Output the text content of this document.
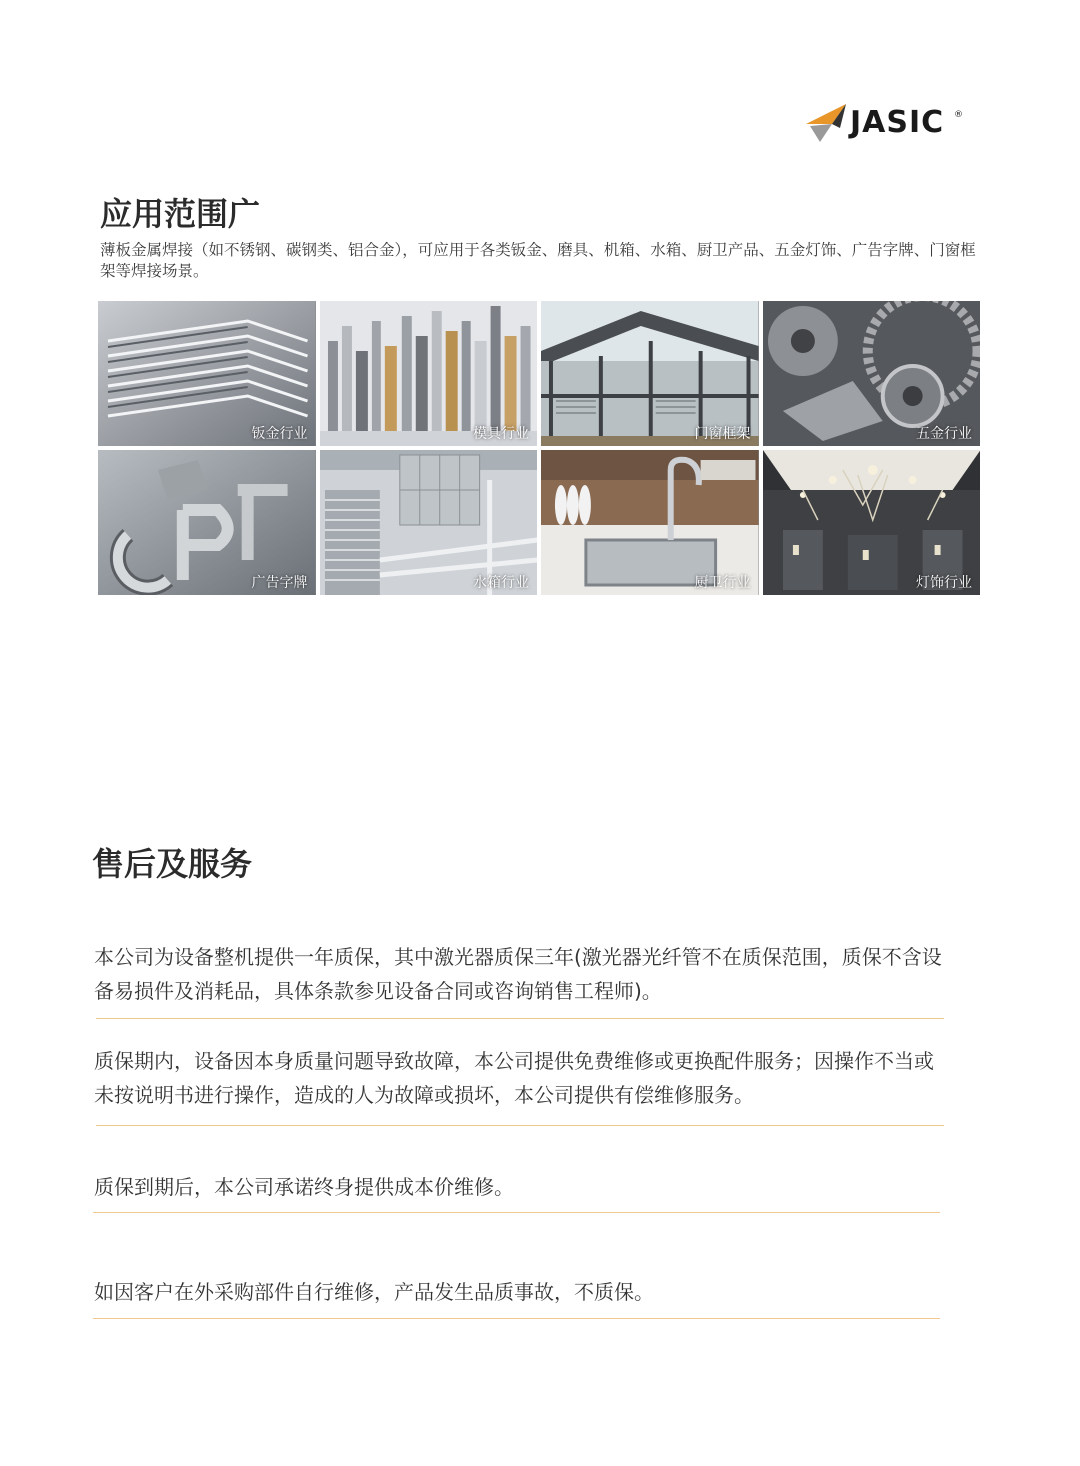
JASIC ®
应用范围广

薄板金属焊接（如不锈钢、碳钢类、铝合金），可应用于各类钣金、磨具、机箱、水箱、厨卫产品、五金灯饰、广告字牌、门窗框架等焊接场景。

钣金行业	模具行业	门窗框架	五金行业
广告字牌	水箱行业	厨卫行业	灯饰行业
售后及服务

本公司为设备整机提供一年质保，其中激光器质保三年(激光器光纤管不在质保范围，质保不含设备易损件及消耗品，具体条款参见设备合同或咨询销售工程师)。

质保期内，设备因本身质量问题导致故障，本公司提供免费维修或更换配件服务；因操作不当或未按说明书进行操作，造成的人为故障或损坏，本公司提供有偿维修服务。

质保到期后，本公司承诺终身提供成本价维修。

如因客户在外采购部件自行维修，产品发生品质事故，不质保。
